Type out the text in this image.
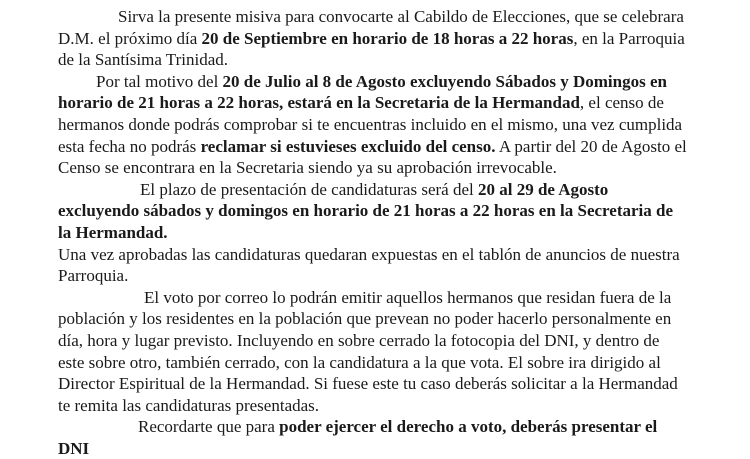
Sirva la presente misiva para convocarte al Cabildo de Elecciones, que se celebrara D.M. el próximo día 20 de Septiembre en horario de 18 horas a 22 horas, en la Parroquia de la Santísima Trinidad.

Por tal motivo del 20 de Julio al 8 de Agosto excluyendo Sábados y Domingos en horario de 21 horas a 22 horas, estará en la Secretaria de la Hermandad, el censo de hermanos donde podrás comprobar si te encuentras incluido en el mismo, una vez cumplida esta fecha no podrás reclamar si estuvieses excluido del censo. A partir del 20 de Agosto el Censo se encontrara en la Secretaria siendo ya su aprobación irrevocable.

El plazo de presentación de candidaturas será del 20 al 29 de Agosto excluyendo sábados y domingos en horario de 21 horas a 22 horas en la Secretaria de la Hermandad.

Una vez aprobadas las candidaturas quedaran expuestas en el tablón de anuncios de nuestra Parroquia.

El voto por correo lo podrán emitir aquellos hermanos que residan fuera de la población y los residentes en la población que prevean no poder hacerlo personalmente en día, hora y lugar previsto. Incluyendo en sobre cerrado la fotocopia del DNI, y dentro de este sobre otro, también cerrado, con la candidatura a la que vota. El sobre ira dirigido al Director Espiritual de la Hermandad. Si fuese este tu caso deberás solicitar a la Hermandad te remita las candidaturas presentadas.

Recordarte que para poder ejercer el derecho a voto, deberás presentar el DNI
